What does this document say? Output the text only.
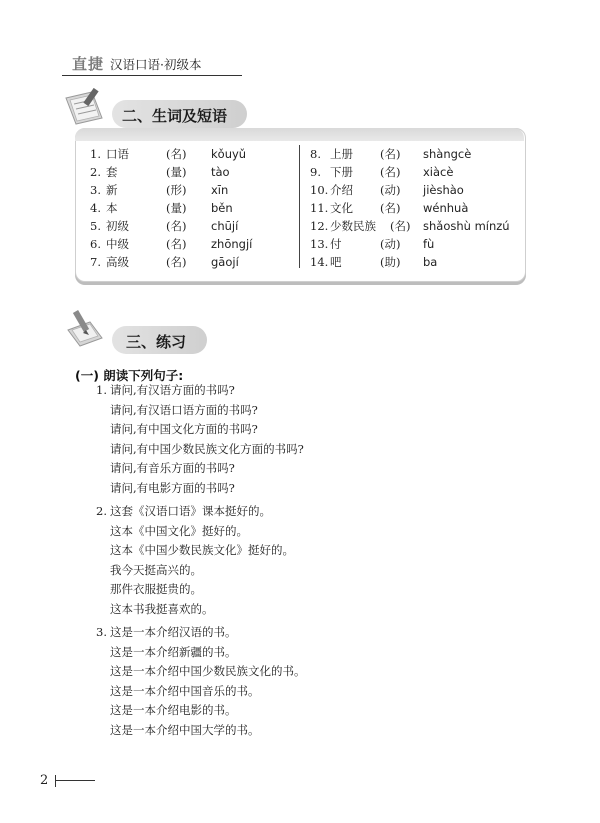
直捷 汉语口语·初级本
二、生词及短语
1. 口语	(名) kǒuyǔ
2. 套	(量) tào
3. 新	(形) xīn
4. 本	(量) běn
5. 初级	(名) chūjí
6. 中级	(名) zhōngjí
7. 高级	(名) gāojí
8. 上册 (名) shàngcè
9. 下册 (名) xiàcè
10. 介绍 (动) jièshào
11. 文化 (名) wénhuà
12. 少数民族 (名) shǎoshù mínzú
13. 付	(动) fù
14. 吧	(助) ba
三、练习
(一) 朗读下列句子:
1. 请问,有汉语方面的书吗?
请问,有汉语口语方面的书吗?
请问,有中国文化方面的书吗?
请问,有中国少数民族文化方面的书吗?
请问,有音乐方面的书吗?
请问,有电影方面的书吗?
2. 这套《汉语口语》课本挺好的。
这本《中国文化》挺好的。
这本《中国少数民族文化》挺好的。
我今天挺高兴的。
那件衣服挺贵的。
这本书我挺喜欢的。
3. 这是一本介绍汉语的书。
这是一本介绍新疆的书。
这是一本介绍中国少数民族文化的书。
这是一本介绍中国音乐的书。
这是一本介绍电影的书。
这是一本介绍中国大学的书。
2
